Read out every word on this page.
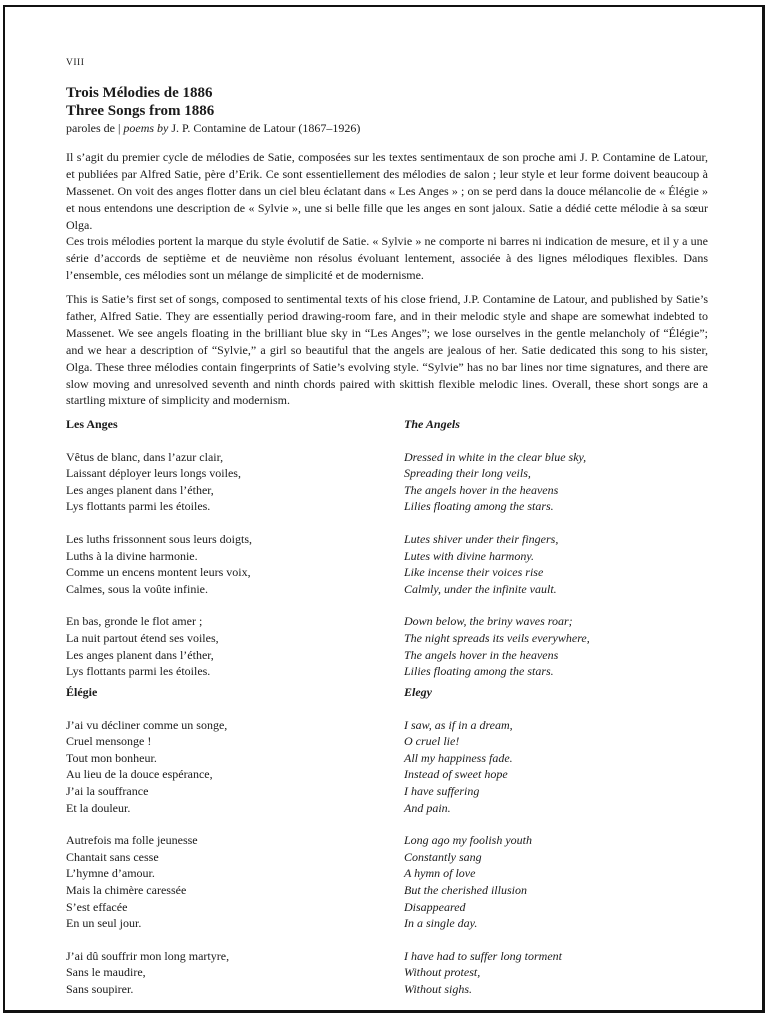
VIII
Trois Mélodies de 1886
Three Songs from 1886
paroles de | poems by J. P. Contamine de Latour (1867–1926)

Il s’agit du premier cycle de mélodies de Satie, composées sur les textes sentimentaux de son proche ami J. P. Contamine de Latour, et publiées par Alfred Satie, père d’Erik. Ce sont essentiellement des mélodies de salon ; leur style et leur forme doivent beaucoup à Massenet. On voit des anges flotter dans un ciel bleu éclatant dans « Les Anges » ; on se perd dans la douce mélancolie de « Élégie » et nous entendons une description de « Sylvie », une si belle fille que les anges en sont jaloux. Satie a dédié cette mélodie à sa sœur Olga.

Ces trois mélodies portent la marque du style évolutif de Satie. « Sylvie » ne comporte ni barres ni indication de mesure, et il y a une série d’accords de septième et de neuvième non résolus évoluant lentement, associée à des lignes mélodiques flexibles. Dans l’ensemble, ces mélodies sont un mélange de simplicité et de modernisme.

This is Satie’s first set of songs, composed to sentimental texts of his close friend, J.P. Contamine de Latour, and published by Satie’s father, Alfred Satie. They are essentially period drawing-room fare, and in their melodic style and shape are somewhat indebted to Massenet. We see angels floating in the brilliant blue sky in “Les Anges”; we lose ourselves in the gentle melancholy of “Élégie”; and we hear a description of “Sylvie,” a girl so beautiful that the angels are jealous of her. Satie dedicated this song to his sister, Olga. These three mélodies contain fingerprints of Satie’s evolving style. “Sylvie” has no bar lines nor time signatures, and there are slow moving and unresolved seventh and ninth chords paired with skittish flexible melodic lines. Overall, these short songs are a startling mixture of simplicity and modernism.

Les Anges

Vêtus de blanc, dans l’azur clair,
Laissant déployer leurs longs voiles,
Les anges planent dans l’éther,
Lys flottants parmi les étoiles.

Les luths frissonnent sous leurs doigts,
Luths à la divine harmonie.
Comme un encens montent leurs voix,
Calmes, sous la voûte infinie.

En bas, gronde le flot amer ;
La nuit partout étend ses voiles,
Les anges planent dans l’éther,
Lys flottants parmi les étoiles.

The Angels

Dressed in white in the clear blue sky,
Spreading their long veils,
The angels hover in the heavens
Lilies floating among the stars.

Lutes shiver under their fingers,
Lutes with divine harmony.
Like incense their voices rise
Calmly, under the infinite vault.

Down below, the briny waves roar;
The night spreads its veils everywhere,
The angels hover in the heavens
Lilies floating among the stars.

Élégie

J’ai vu décliner comme un songe,
Cruel mensonge !
Tout mon bonheur.
Au lieu de la douce espérance,
J’ai la souffrance
Et la douleur.

Autrefois ma folle jeunesse
Chantait sans cesse
L’hymne d’amour.
Mais la chimère caressée
S’est effacée
En un seul jour.

J’ai dû souffrir mon long martyre,
Sans le maudire,
Sans soupirer.

Elegy

I saw, as if in a dream,
O cruel lie!
All my happiness fade.
Instead of sweet hope
I have suffering
And pain.

Long ago my foolish youth
Constantly sang
A hymn of love
But the cherished illusion
Disappeared
In a single day.

I have had to suffer long torment
Without protest,
Without sighs.
